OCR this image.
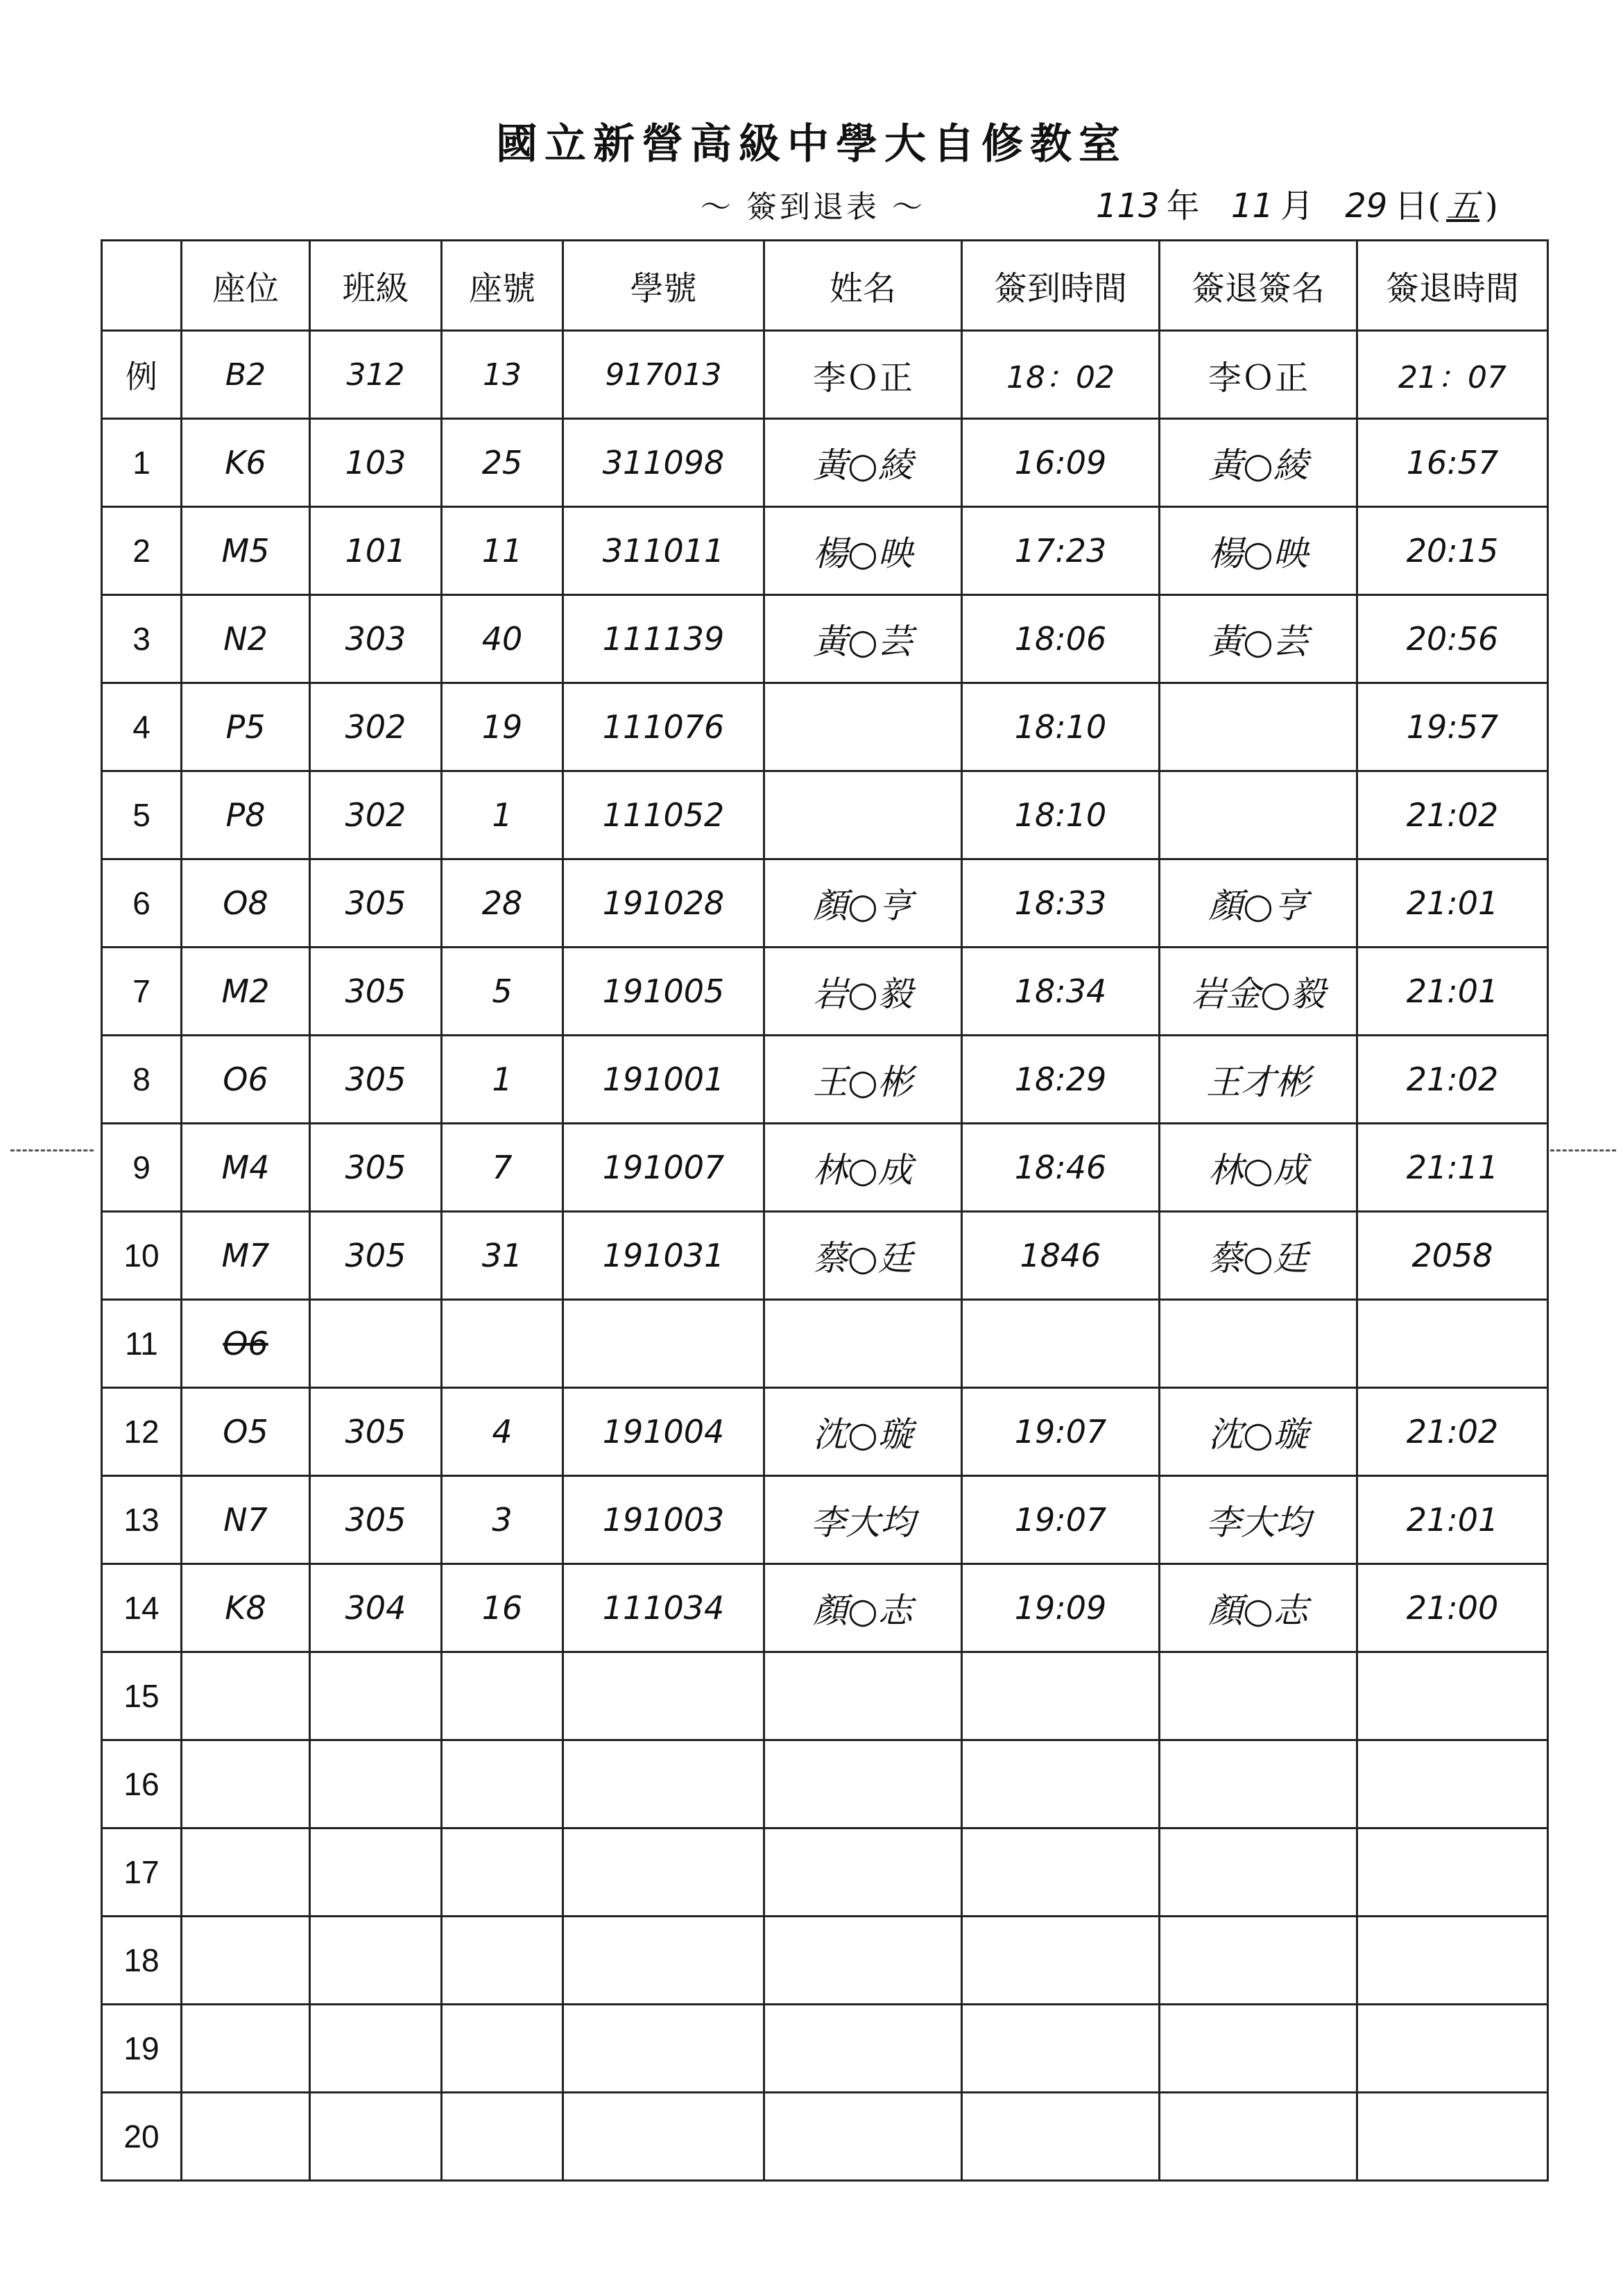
國立新營高級中學大自修教室
～ 簽到退表 ～	113 年 11 月 29 日( 五 )
	座位	班級	座號	學號	姓名	簽到時間	簽退簽名	簽退時間
例	B2	312	13	917013	李Ｏ正	18：02	李Ｏ正	21：07
1	K6	103	25	311098	黃○綾	16:09	黃○綾	16:57
2	M5	101	11	311011	楊○映	17:23	楊○映	20:15
3	N2	303	40	111139	黃○芸	18:06	黃○芸	20:56
4	P5	302	19	111076		18:10		19:57
5	P8	302	1	111052		18:10		21:02
6	O8	305	28	191028	顏○亨	18:33	顏○亨	21:01
7	M2	305	5	191005	岩○毅	18:34	岩金○毅	21:01
8	O6	305	1	191001	王○彬	18:29	王才彬	21:02
9	M4	305	7	191007	林○成	18:46	林○成	21:11
10	M7	305	31	191031	蔡○廷	1846	蔡○廷	2058
11	O6							
12	O5	305	4	191004	沈○璇	19:07	沈○璇	21:02
13	N7	305	3	191003	李大均	19:07	李大均	21:01
14	K8	304	16	111034	顏○志	19:09	顏○志	21:00
15								
16								
17								
18								
19								
20								
